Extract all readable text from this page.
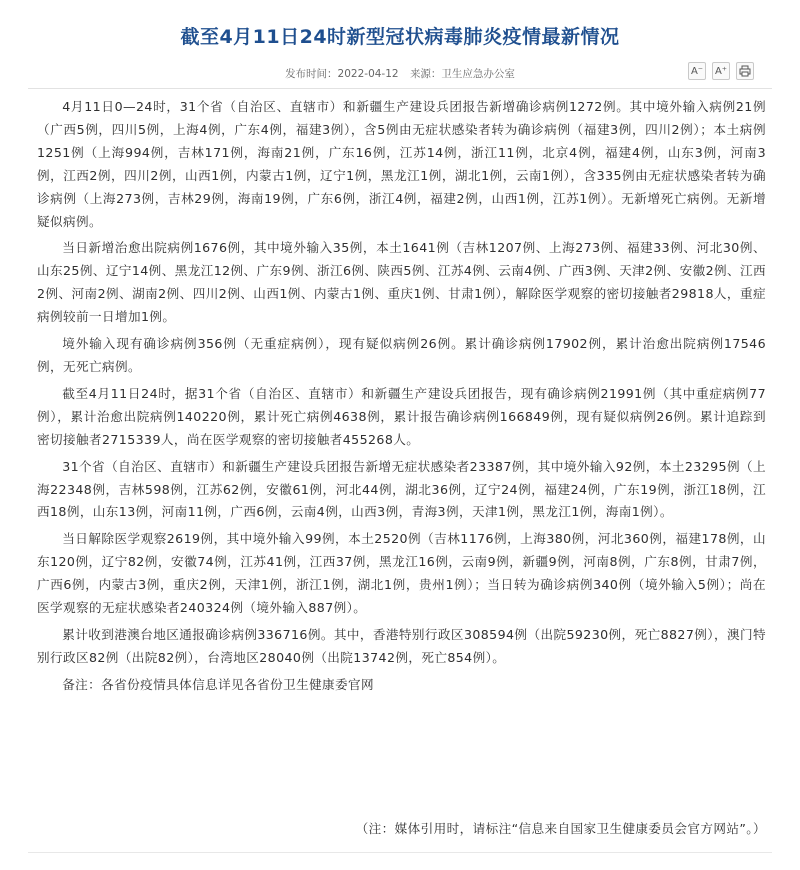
截至4月11日24时新型冠状病毒肺炎疫情最新情况
发布时间：2022-04-12 来源：卫生应急办公室	A⁻ A⁺

4月11日0—24时，31个省（自治区、直辖市）和新疆生产建设兵团报告新增确诊病例1272例。其中境外输入病例21例（广西5例，四川5例，上海4例，广东4例，福建3例），含5例由无症状感染者转为确诊病例（福建3例，四川2例）；本土病例1251例（上海994例，吉林171例，海南21例，广东16例，江苏14例，浙江11例，北京4例，福建4例，山东3例，河南3例，江西2例，四川2例，山西1例，内蒙古1例，辽宁1例，黑龙江1例，湖北1例，云南1例），含335例由无症状感染者转为确诊病例（上海273例，吉林29例，海南19例，广东6例，浙江4例，福建2例，山西1例，江苏1例）。无新增死亡病例。无新增疑似病例。

当日新增治愈出院病例1676例，其中境外输入35例，本土1641例（吉林1207例、上海273例、福建33例、河北30例、山东25例、辽宁14例、黑龙江12例、广东9例、浙江6例、陕西5例、江苏4例、云南4例、广西3例、天津2例、安徽2例、江西2例、河南2例、湖南2例、四川2例、山西1例、内蒙古1例、重庆1例、甘肃1例），解除医学观察的密切接触者29818人，重症病例较前一日增加1例。

境外输入现有确诊病例356例（无重症病例），现有疑似病例26例。累计确诊病例17902例，累计治愈出院病例17546例，无死亡病例。

截至4月11日24时，据31个省（自治区、直辖市）和新疆生产建设兵团报告，现有确诊病例21991例（其中重症病例77例），累计治愈出院病例140220例，累计死亡病例4638例，累计报告确诊病例166849例，现有疑似病例26例。累计追踪到密切接触者2715339人，尚在医学观察的密切接触者455268人。

31个省（自治区、直辖市）和新疆生产建设兵团报告新增无症状感染者23387例，其中境外输入92例，本土23295例（上海22348例，吉林598例，江苏62例，安徽61例，河北44例，湖北36例，辽宁24例，福建24例，广东19例，浙江18例，江西18例，山东13例，河南11例，广西6例，云南4例，山西3例，青海3例，天津1例，黑龙江1例，海南1例）。

当日解除医学观察2619例，其中境外输入99例，本土2520例（吉林1176例，上海380例，河北360例，福建178例，山东120例，辽宁82例，安徽74例，江苏41例，江西37例，黑龙江16例，云南9例，新疆9例，河南8例，广东8例，甘肃7例，广西6例，内蒙古3例，重庆2例，天津1例，浙江1例，湖北1例，贵州1例）；当日转为确诊病例340例（境外输入5例）；尚在医学观察的无症状感染者240324例（境外输入887例）。

累计收到港澳台地区通报确诊病例336716例。其中，香港特别行政区308594例（出院59230例，死亡8827例），澳门特别行政区82例（出院82例），台湾地区28040例（出院13742例，死亡854例）。

备注：各省份疫情具体信息详见各省份卫生健康委官网

（注：媒体引用时，请标注“信息来自国家卫生健康委员会官方网站”。）
